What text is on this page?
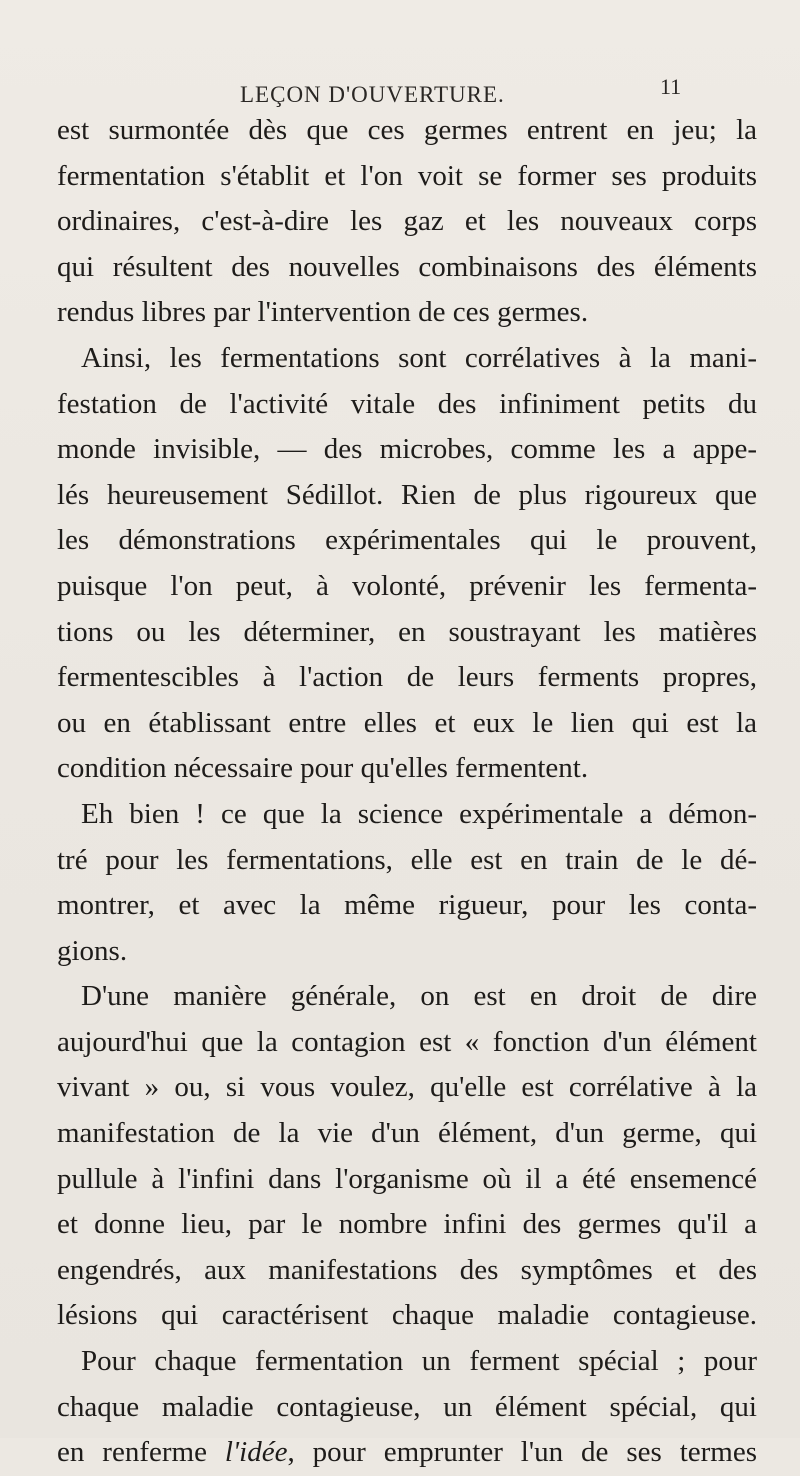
LEÇON D'OUVERTURE.	11
est surmontée dès que ces germes entrent en jeu; la
fermentation s'établit et l'on voit se former ses produits
ordinaires, c'est-à-dire les gaz et les nouveaux corps
qui résultent des nouvelles combinaisons des éléments
rendus libres par l'intervention de ces germes.
Ainsi, les fermentations sont corrélatives à la mani-
festation de l'activité vitale des infiniment petits du
monde invisible, — des microbes, comme les a appe-
lés heureusement Sédillot. Rien de plus rigoureux que
les démonstrations expérimentales qui le prouvent,
puisque l'on peut, à volonté, prévenir les fermenta-
tions ou les déterminer, en soustrayant les matières
fermentescibles à l'action de leurs ferments propres,
ou en établissant entre elles et eux le lien qui est la
condition nécessaire pour qu'elles fermentent.
Eh bien ! ce que la science expérimentale a démon-
tré pour les fermentations, elle est en train de le dé-
montrer, et avec la même rigueur, pour les conta-
gions.
D'une manière générale, on est en droit de dire
aujourd'hui que la contagion est « fonction d'un élément
vivant » ou, si vous voulez, qu'elle est corrélative à la
manifestation de la vie d'un élément, d'un germe, qui
pullule à l'infini dans l'organisme où il a été ensemencé
et donne lieu, par le nombre infini des germes qu'il a
engendrés, aux manifestations des symptômes et des
lésions qui caractérisent chaque maladie contagieuse.
Pour chaque fermentation un ferment spécial ; pour
chaque maladie contagieuse, un élément spécial, qui
en renferme l'idée, pour emprunter l'un de ses termes
